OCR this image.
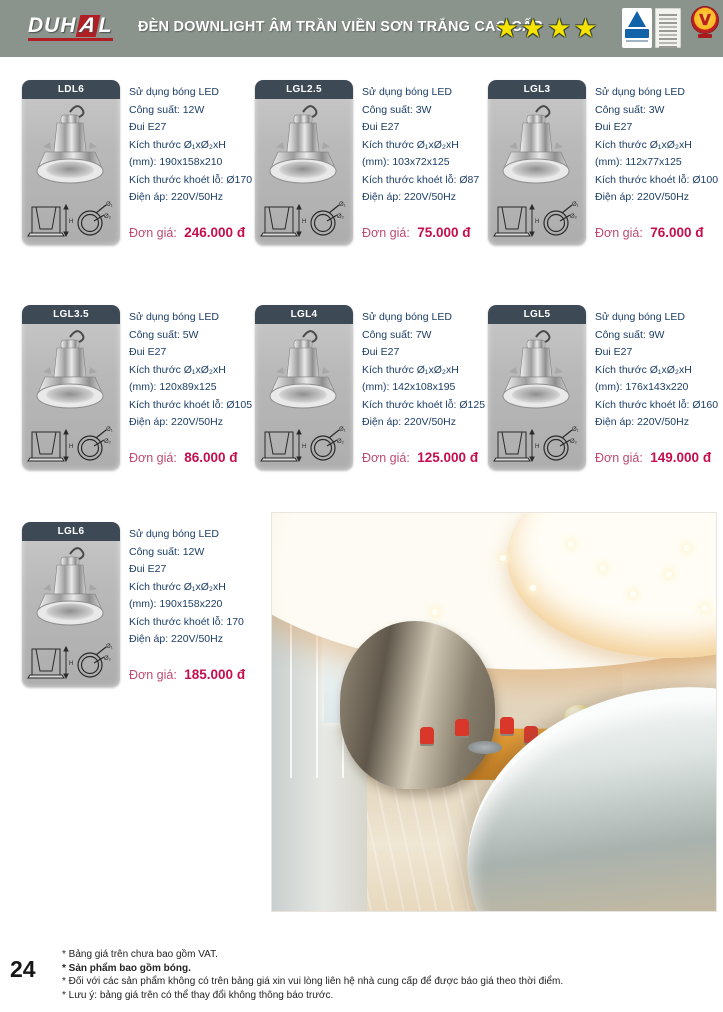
DUHAL	ĐÈN DOWNLIGHT ÂM TRẦN VIỀN SƠN TRẮNG CAO CẤP
★★★★	V
LDL6
H
Ø₁
Ø₂
Sử dụng bóng LED
Công suất: 12W
Đui E27
Kích thước Ø₁xØ₂xH
(mm): 190x158x210
Kích thước khoét lỗ: Ø170
Điện áp: 220V/50Hz
Đơn giá: 246.000 đ
LGL2.5
H
Ø₁
Ø₂
Sử dụng bóng LED
Công suất: 3W
Đui E27
Kích thước Ø₁xØ₂xH
(mm): 103x72x125
Kích thước khoét lỗ: Ø87
Điện áp: 220V/50Hz
Đơn giá: 75.000 đ
LGL3
H
Ø₁
Ø₂
Sử dụng bóng LED
Công suất: 3W
Đui E27
Kích thước Ø₁xØ₂xH
(mm): 112x77x125
Kích thước khoét lỗ: Ø100
Điện áp: 220V/50Hz
Đơn giá: 76.000 đ
LGL3.5
H
Ø₁
Ø₂
Sử dụng bóng LED
Công suất: 5W
Đui E27
Kích thước Ø₁xØ₂xH
(mm): 120x89x125
Kích thước khoét lỗ: Ø105
Điện áp: 220V/50Hz
Đơn giá: 86.000 đ
LGL4
H
Ø₁
Ø₂
Sử dụng bóng LED
Công suất: 7W
Đui E27
Kích thước Ø₁xØ₂xH
(mm): 142x108x195
Kích thước khoét lỗ: Ø125
Điện áp: 220V/50Hz
Đơn giá: 125.000 đ
LGL5
H
Ø₁
Ø₂
Sử dụng bóng LED
Công suất: 9W
Đui E27
Kích thước Ø₁xØ₂xH
(mm): 176x143x220
Kích thước khoét lỗ: Ø160
Điện áp: 220V/50Hz
Đơn giá: 149.000 đ
LGL6
H
Ø₁
Ø₂
Sử dụng bóng LED
Công suất: 12W
Đui E27
Kích thước Ø₁xØ₂xH
(mm): 190x158x220
Kích thước khoét lỗ: 170
Điện áp: 220V/50Hz
Đơn giá: 185.000 đ
* Bảng giá trên chưa bao gồm VAT.
* Sản phẩm bao gồm bóng.
* Đối với các sản phẩm không có trên bảng giá xin vui lòng liên hệ nhà cung cấp để được báo giá theo thời điểm.
* Lưu ý: bảng giá trên có thể thay đổi không thông báo trước.
24
